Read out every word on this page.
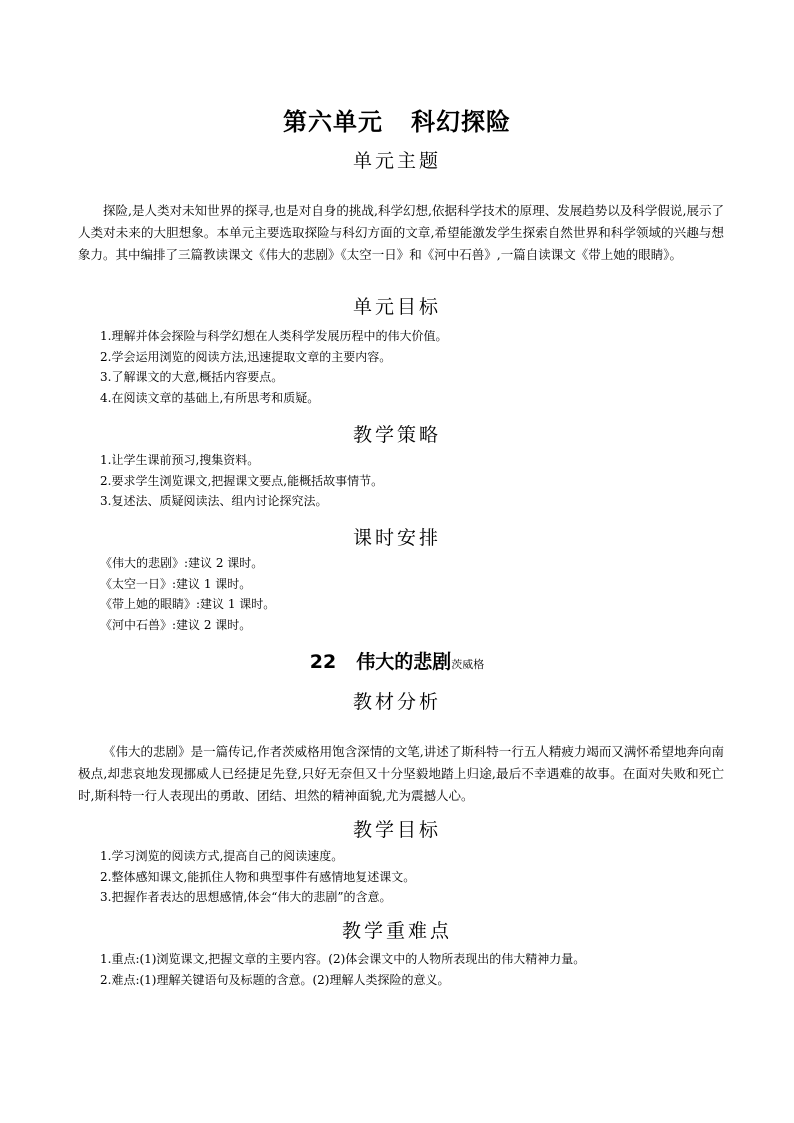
第六单元 科幻探险
单元主题
探险,是人类对未知世界的探寻,也是对自身的挑战,科学幻想,依据科学技术的原理、发展趋势以及科学假说,展示了人类对未来的大胆想象。本单元主要选取探险与科幻方面的文章,希望能激发学生探索自然世界和科学领域的兴趣与想象力。其中编排了三篇教读课文《伟大的悲剧》《太空一日》和《河中石兽》,一篇自读课文《带上她的眼睛》。
单元目标
1.理解并体会探险与科学幻想在人类科学发展历程中的伟大价值。
2.学会运用浏览的阅读方法,迅速提取文章的主要内容。
3.了解课文的大意,概括内容要点。
4.在阅读文章的基础上,有所思考和质疑。
教学策略
1.让学生课前预习,搜集资料。
2.要求学生浏览课文,把握课文要点,能概括故事情节。
3.复述法、质疑阅读法、组内讨论探究法。
课时安排
《伟大的悲剧》:建议 2 课时。
《太空一日》:建议 1 课时。
《带上她的眼睛》:建议 1 课时。
《河中石兽》:建议 2 课时。
22 伟大的悲剧茨威格
教材分析
《伟大的悲剧》是一篇传记,作者茨威格用饱含深情的文笔,讲述了斯科特一行五人精疲力竭而又满怀希望地奔向南极点,却悲哀地发现挪威人已经捷足先登,只好无奈但又十分坚毅地踏上归途,最后不幸遇难的故事。在面对失败和死亡时,斯科特一行人表现出的勇敢、团结、坦然的精神面貌,尤为震撼人心。
教学目标
1.学习浏览的阅读方式,提高自己的阅读速度。
2.整体感知课文,能抓住人物和典型事件有感情地复述课文。
3.把握作者表达的思想感情,体会“伟大的悲剧”的含意。
教学重难点
1.重点:(1)浏览课文,把握文章的主要内容。(2)体会课文中的人物所表现出的伟大精神力量。
2.难点:(1)理解关键语句及标题的含意。(2)理解人类探险的意义。
